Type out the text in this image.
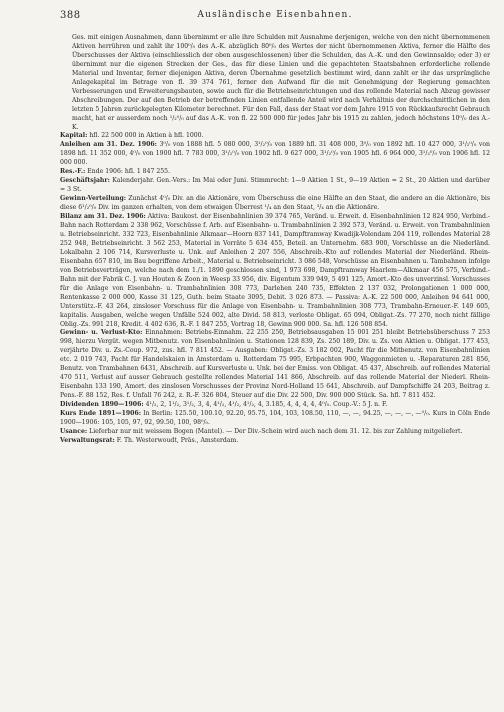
Ausländische Eisenbahnen.
388

Ges. mit einigen Ausnahmen, dann übernimmt er alle ihre Schulden mit Ausnahme derjenigen, welche von den nicht übernommenen Aktiven herrühren und zahlt ihr 100⁰/₀ des A.-K. abzüglich 80⁰/₀ des Wertes der nicht übernommenen Aktiva, ferner die Hälfte des Überschusses der Aktiva (einschliesslich der oben ausgeschlossenen) über die Schulden, das A.-K. und den Gewinnsaldo; oder 3) er übernimmt nur die eigenen Strecken der Ges., das für diese Linien und die gepachteten Staatsbahnen erforderliche rollende Material und Inventar, ferner diejenigen Aktiva, deren Übernahme gesetzlich bestimmt wird, dann zahlt er ihr das ursprüngliche Anlagekapital im Betrage von fl. 39 374 761, ferner den Aufwand für die mit Genehmigung der Regierung gemachten Verbesserungen und Erweiterungsbauten, sowie auch für die Betriebseinrichtungen und das rollende Material nach Abzug gewisser Abschreibungen. Der auf den Betrieb der betreffenden Linien entfallende Anteil wird nach Verhältnis der durchschnittlichen in den letzten 5 Jahren zurückgelegten Kilometer berechnet. Für den Fall, dass der Staat vor dem Jahre 1915 von Rückkaufsrecht Gebrauch macht, hat er ausserdem noch ¹/₂⁰/₀ auf das A.-K. von fl. 22 500 000 für jedes Jahr bis 1915 zu zahlen, jedoch höchstens 10⁰/₀ des A.-K.

Kapital: hfl. 22 500 000 in Aktien à hfl. 1000.

Anleihen am 31. Dez. 1906: 3⁰/₀ von 1888 hfl. 5 080 000, 3¹/₂⁰/₀ von 1889 hfl. 31 408 000, 3⁰/₀ von 1892 hfl. 10 427 000, 3¹/₂⁰/₀ von 1898 hfl. 11 352 000, 4⁰/₀ von 1900 hfl. 7 783 000, 3¹/₂⁰/₀ von 1902 hfl. 9 627 000, 3¹/₂⁰/₀ von 1905 hfl. 6 964 000, 3¹/₂⁰/₀ von 1906 hfl. 12 000 000.

Res.-F.: Ende 1906: hfl. 1 847 255.

Geschäftsjahr: Kalenderjahr. Gen.-Vers.: Im Mai oder Juni. Stimmrecht: 1—9 Aktien 1 St., 9—19 Aktien = 2 St., 20 Aktien und darüber = 3 St.

Gewinn-Verteilung: Zunächst 4⁰/₀ Div. an die Aktionäre, vom Überschuss die eine Hälfte an den Staat, die andere an die Aktionäre, bis diese 6¹/₂⁰/₀ Div. im ganzen erhalten, von dem etwaigen Überrest ¹/₄ an den Staat, ³/₄ an die Aktionäre.

Bilanz am 31. Dez. 1906: Aktiva: Baukost. der Eisenbahnlinien 39 374 765, Veränd. u. Erweit. d. Eisenbahnlinien 12 824 950, Verbind.-Bahn nach Rotterdam 2 338 962, Vorschüsse f. Arb. auf Eisenbahn- u. Trambahnlinien 2 392 573, Veränd. u. Erweit. von Trambahnlinien u. Betriebseinricht. 332 723, Eisenbahnlinie Alkmaar—Hoorn 837 141, Dampftramway Kwadijk-Volendam 204 119, rollendes Material 28 252 948, Betriebseinricht. 3 562 253, Material in Vorräte 5 634 455, Beteil. an Unternehm. 683 900, Vorschüsse an die Niederländ. Lokalbahn 2 106 714, Kursverluste u. Unk. auf Anleihen 2 207 556, Abschreib.-Kto auf rollendes Material der Niederländ. Rhein-Eisenbahn 657 810, im Bau begriffene Arbeit., Material u. Betriebseinricht. 3 086 548, Vorschüsse an Eisenbahnen u. Tambahnen infolge von Betriebsverträgen, welche nach dem 1./1. 1890 geschlossen sind, 1 973 698, Dampftramway Haarlem—Alkmaar 456 575, Verbind.-Bahn mit der Fabrik C. J. van Houten & Zoon in Weesp 33 956, div. Eigentum 339 949, 5 491 125, Amort.-Kto des unverzinsl. Vorschusses für die Anlage von Eisenbahn- u. Trambahnlinien 308 773, Darlehen 240 735, Effekten 2 137 032, Prolongationen 1 000 000, Rentenkasse 2 000 000, Kasse 31 125, Guth. beim Staate 3095, Debit. 3 026 873. — Passiva: A.-K. 22 500 000, Anleihen 94 641 000, Unterstütz.-F. 43 264, zinsloser Vorschuss für die Anlage von Eisenbahn- u. Trambahnlinien 308 773, Trambahn-Erneuer.-F. 149 605, kapitalis. Ausgaben, welche wegen Unfälle 524 002, alte Divid. 58 813, verloste Obligat. 65 094, Obligat.-Zs. 77 270, noch nicht fällige Oblig.-Zs. 991 218, Kredit. 4 402 636, R.-F. 1 847 255, Vortrag 18, Gewinn 900 000. Sa. hfl. 126 508 854.

Gewinn- u. Verlust-Kto: Einnahmen: Betriebs-Einnahm. 22 255 250, Betriebsausgaben 15 001 251 bleibt Betriebsüberschuss 7 253 998, hierzu Vergüt. wegen Mitbenutz. von Eisenbahnlinien u. Stationen 128 839, Zs. 250 189, Div. u. Zs. von Aktien u. Obligat. 177 453, verjährte Div. u. Zs.-Coup. 972, zus. hfl. 7 811 452. — Ausgaben: Obligat.-Zs. 3 182 002, Pacht für die Mitbenutz. von Eisenbahnlinien etc. 2 019 743, Pacht für Handelskaien in Amsterdam u. Rotterdam 75 995, Erbpachten 900, Waggonmieten u. -Reparaturen 281 856, Benutz. von Trambahnen 6431, Abschreib. auf Kursverluste u. Unk. bei der Emiss. von Obligat. 45 437, Abschreib. auf rollendes Material 470 511, Verlust auf ausser Gebrauch gestellte rollendes Material 141 866, Abschreib. auf das rollende Material der Niederl. Rhein-Eisenbahn 133 190, Amort. des zinslosen Vorschusses der Provinz Nord-Holland 15 641, Abschreib. auf Dampfschiffe 24 203, Beitrag z. Pens.-F. 88 152, Res. f. Unfall 76 242, z. R.-F. 326 804, Steuer auf die Div. 22 500, Div. 900 000 Stück. Sa. hfl. 7 811 452.

Dividenden 1890—1906: 4¹/₂, 2, 1¹/₂, 3¹/₂, 3, 4, 4¹/₂, 4¹/₂, 4¹/₂, 4, 3.185, 4, 4, 4, 4, 4⁰/₀. Coup.-V.: 5 J. n. F.

Kurs Ende 1891—1906: In Berlin: 125.50, 100.10, 92.20, 95.75, 104, 103, 108.50, 110, —, —, 94.25, —, —, —, —⁰/₀. Kurs in Cöln Ende 1900—1906: 105, 105, 97, 92, 99.50, 100, 98⁰/₀.

Usance: Lieferbar nur mit weissem Bogen (Mantel). — Der Div.-Schein wird auch nach dem 31. 12. bis zur Zahlung mitgeliefert.

Verwaltungsrat: F. Th. Westerwoudt, Präs., Amsterdam.
